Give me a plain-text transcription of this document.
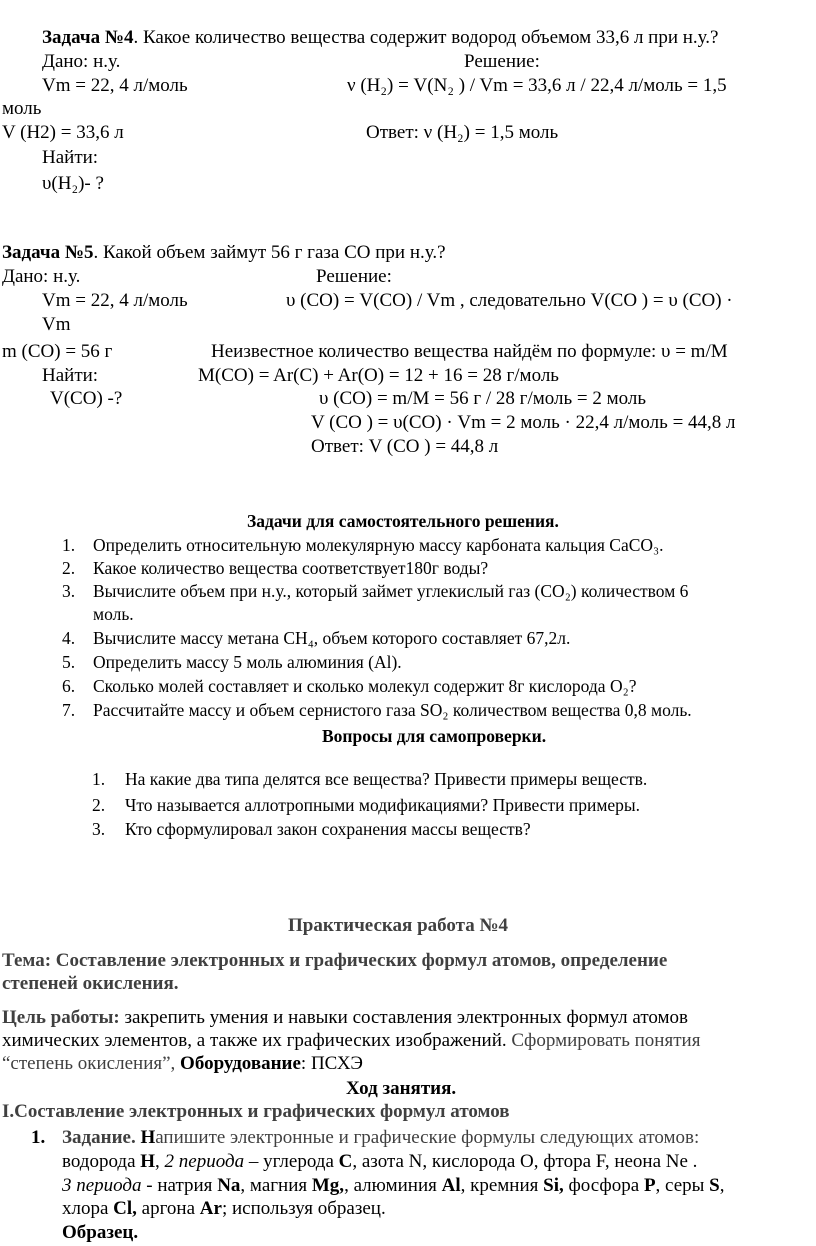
Задача №4. Какое количество вещества содержит водород объемом 33,6 л при н.у.?
Дано: н.у.	Решение:
Vm = 22, 4 л/моль	ν (H₂) = V(N₂ ) / Vm = 33,6 л / 22,4 л/моль = 1,5
моль
V (H2) = 33,6 л	Ответ: ν (H₂) = 1,5 моль
Найти:
υ(H₂)- ?
Задача №5. Какой объем займут 56 г газа СО при н.у.?
Дано: н.у.	Решение:
Vm = 22, 4 л/моль	υ (CO) = V(CO) / Vm , следовательно V(CO ) = υ (CO) ·
Vm
m (CO) = 56 г	Неизвестное количество вещества найдём по формуле: υ = m/M
Найти:	M(CO) = Ar(C) + Ar(O) = 12 + 16 = 28 г/моль
V(CO) -?	υ (CO) = m/M = 56 г / 28 г/моль = 2 моль
V (CO ) = υ(CO) · Vm = 2 моль · 22,4 л/моль = 44,8 л
Ответ: V (CO ) = 44,8 л
Задачи для самостоятельного решения.
1. Определить относительную молекулярную массу карбоната кальция CaCO₃.
2. Какое количество вещества соответствует180г воды?
3. Вычислите объем при н.у., который займет углекислый газ (CO₂) количеством 6
моль.
4. Вычислите массу метана CH₄, объем которого составляет 67,2л.
5. Определить массу 5 моль алюминия (Al).
6. Сколько молей составляет и сколько молекул содержит 8г кислорода O₂?
7. Рассчитайте массу и объем сернистого газа SO₂ количеством вещества 0,8 моль.
Вопросы для самопроверки.
1. На какие два типа делятся все вещества? Привести примеры веществ.
2. Что называется аллотропными модификациями? Привести примеры.
3. Кто сформулировал закон сохранения массы веществ?
Практическая работа №4
Тема: Составление электронных и графических формул атомов, определение
степеней окисления.
Цель работы: закрепить умения и навыки составления электронных формул атомов
химических элементов, а также их графических изображений. Сформировать понятия
“степень окисления”, Оборудование: ПСХЭ
Ход занятия.
I.Составление электронных и графических формул атомов
1. Задание. Напишите электронные и графические формулы следующих атомов:
водорода H, 2 периода – углерода C, азота N, кислорода О, фтора F, неона Ne .
3 периода - натрия Na, магния Mg,, алюминия Al, кремния Si, фосфора P, серы S,
хлора Cl, аргона Ar; используя образец.
Образец.
